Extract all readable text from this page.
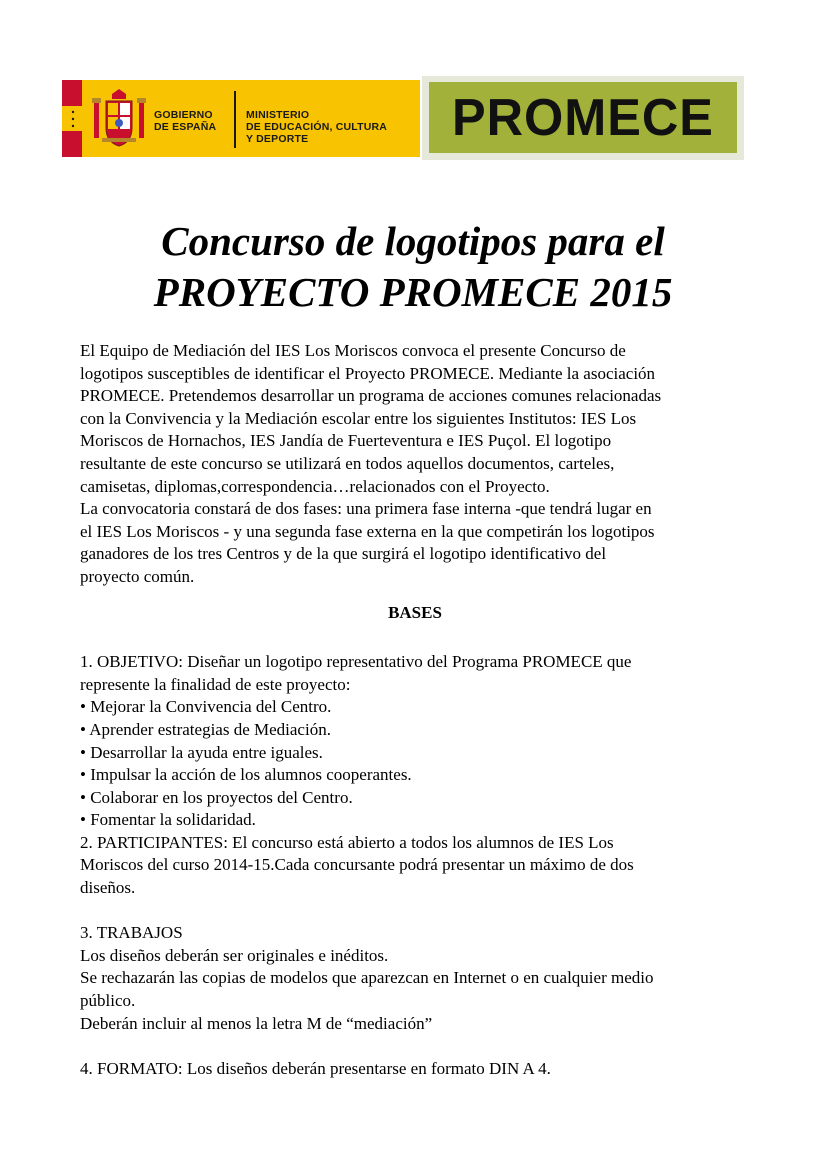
GOBIERNO
DE ESPAÑA
MINISTERIO
DE EDUCACIÓN, CULTURA
Y DEPORTE	PROMECE
Concurso de logotipos para el
PROYECTO PROMECE 2015
El Equipo de Mediación del IES Los Moriscos convoca el presente Concurso de
logotipos susceptibles de identificar el Proyecto PROMECE. Mediante la asociación
PROMECE. Pretendemos desarrollar un programa de acciones comunes relacionadas
con la Convivencia y la Mediación escolar entre los siguientes Institutos: IES Los
Moriscos de Hornachos, IES Jandía de Fuerteventura e IES Puçol. El logotipo
resultante de este concurso se utilizará en todos aquellos documentos, carteles,
camisetas, diplomas,correspondencia…relacionados con el Proyecto.
La convocatoria constará de dos fases: una primera fase interna -que tendrá lugar en
el IES Los Moriscos - y una segunda fase externa en la que competirán los logotipos
ganadores de los tres Centros y de la que surgirá el logotipo identificativo del
proyecto común.
BASES
1. OBJETIVO: Diseñar un logotipo representativo del Programa PROMECE que
represente la finalidad de este proyecto:
• Mejorar la Convivencia del Centro.
• Aprender estrategias de Mediación.
• Desarrollar la ayuda entre iguales.
• Impulsar la acción de los alumnos cooperantes.
• Colaborar en los proyectos del Centro.
• Fomentar la solidaridad.
2. PARTICIPANTES: El concurso está abierto a todos los alumnos de IES Los
Moriscos del curso 2014-15.Cada concursante podrá presentar un máximo de dos
diseños.
3. TRABAJOS
Los diseños deberán ser originales e inéditos.
Se rechazarán las copias de modelos que aparezcan en Internet o en cualquier medio
público.
Deberán incluir al menos la letra M de “mediación”
4. FORMATO: Los diseños deberán presentarse en formato DIN A 4.
